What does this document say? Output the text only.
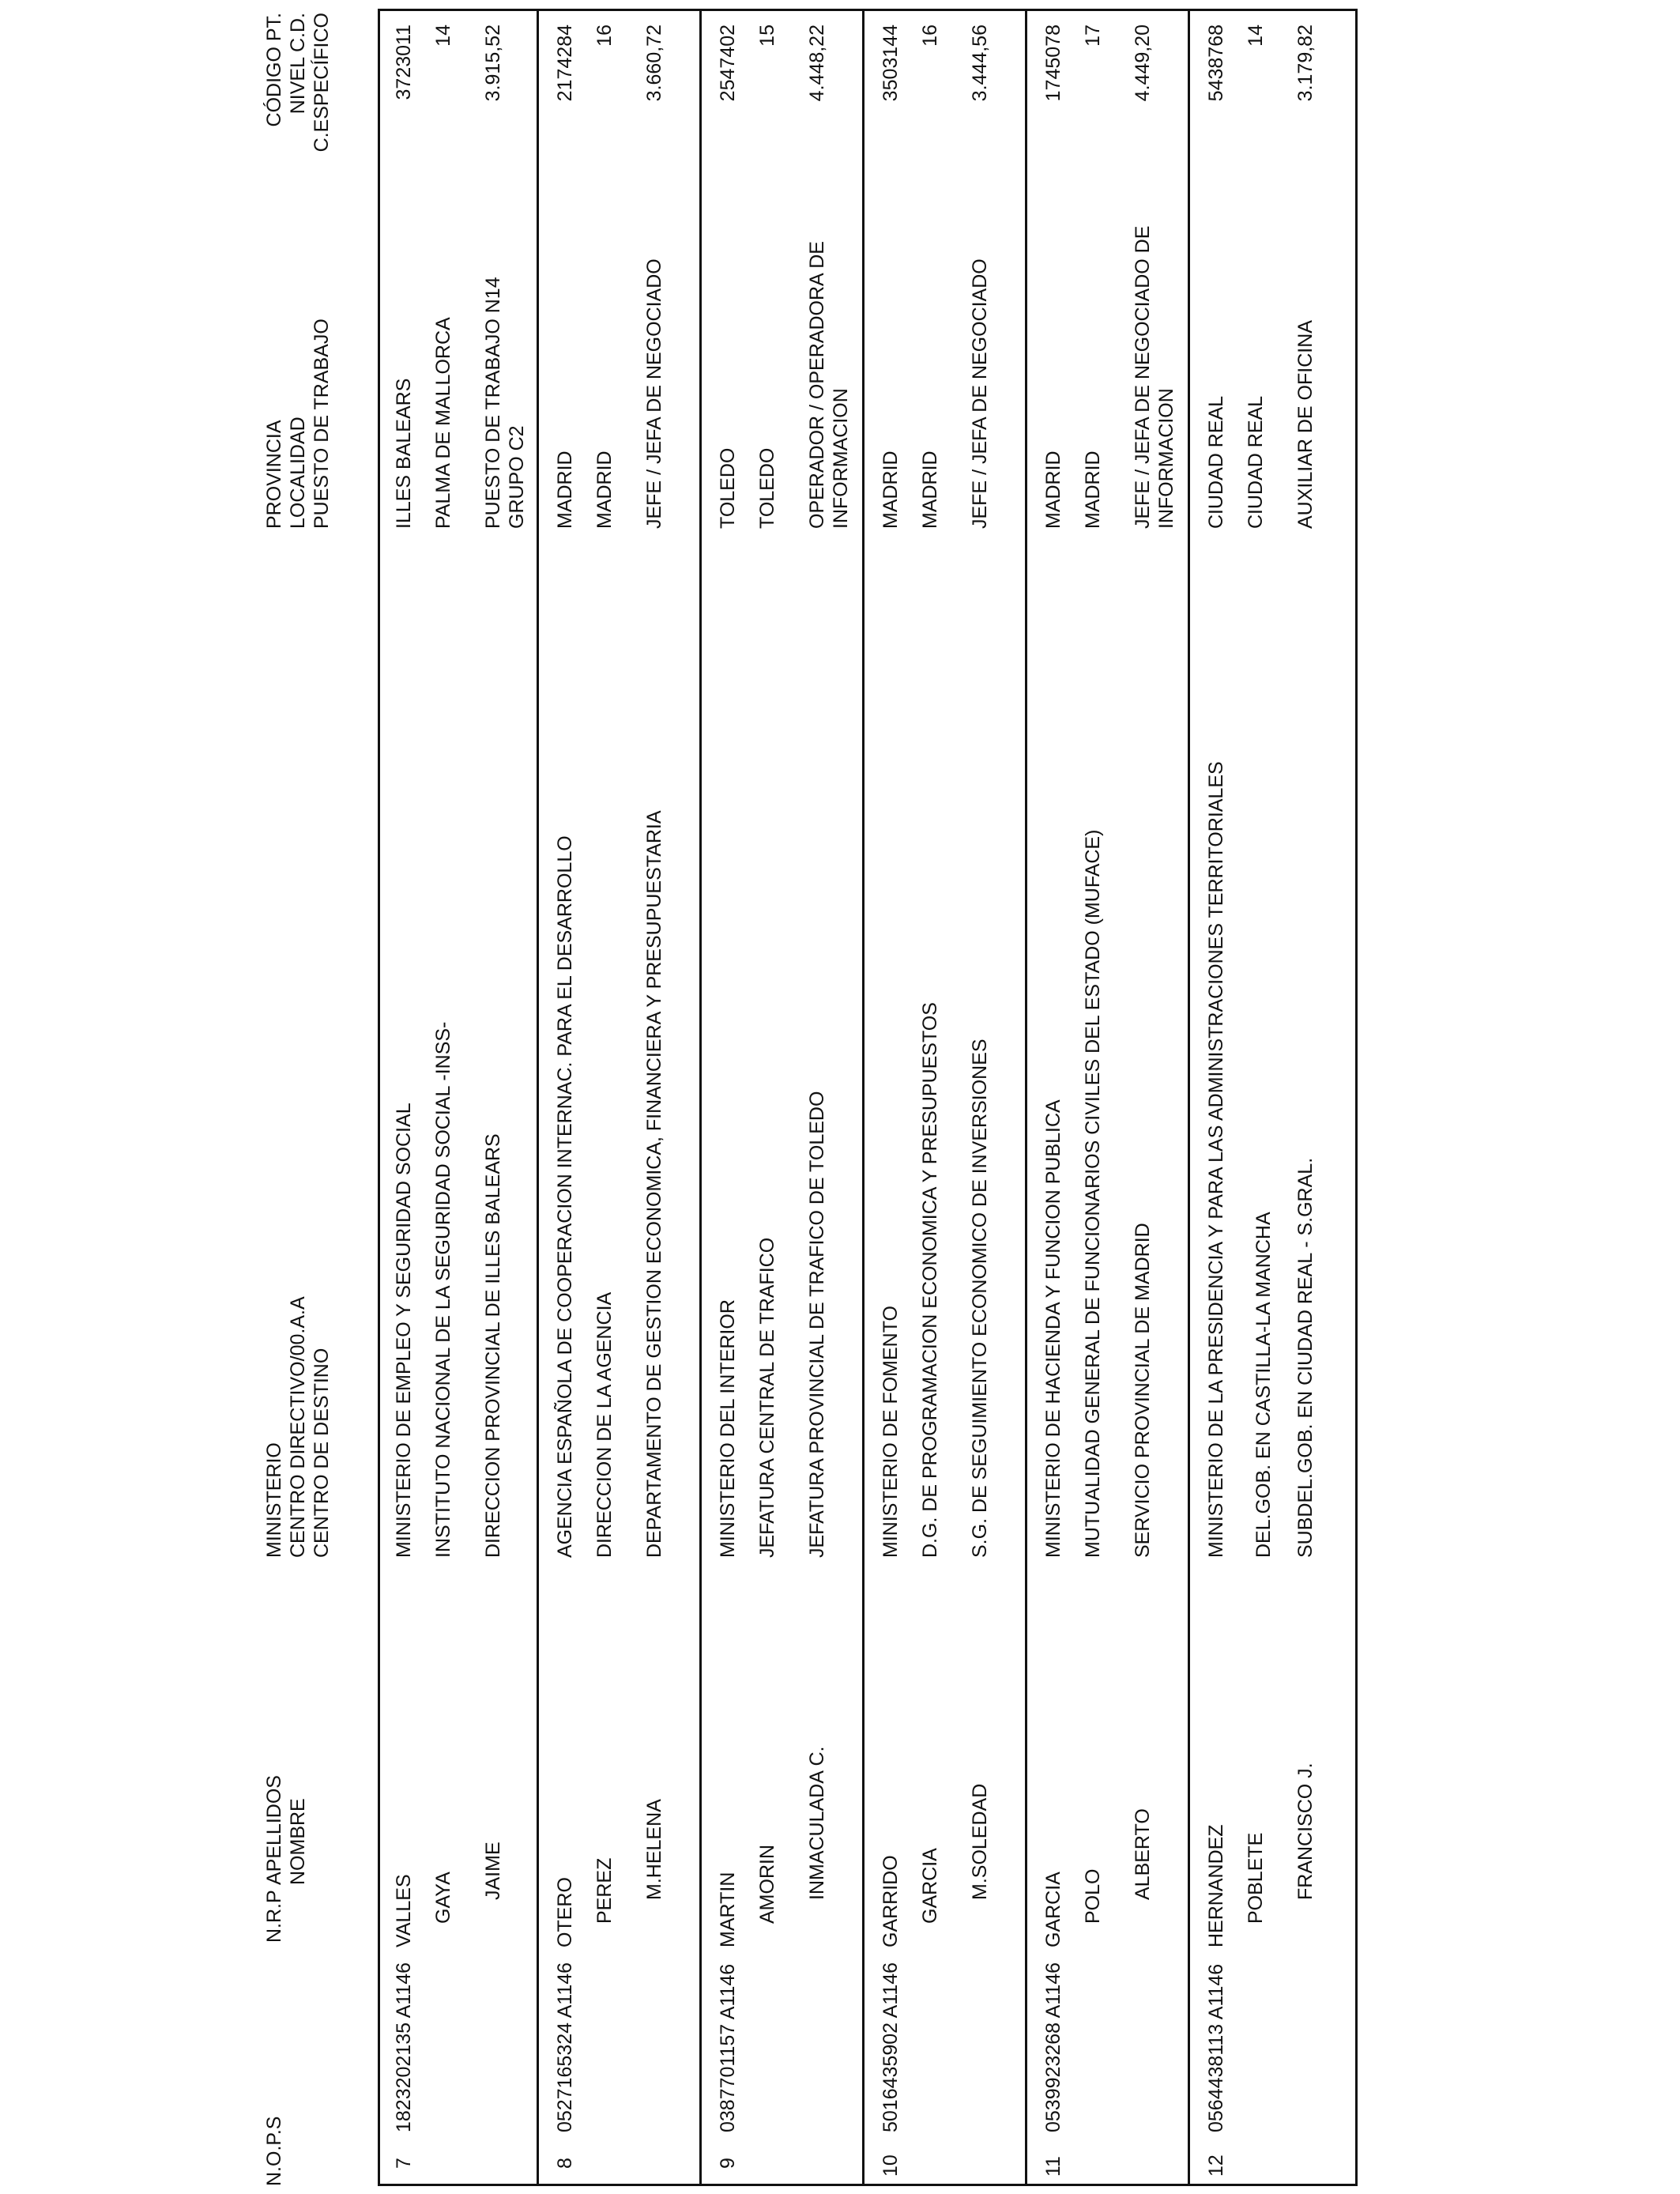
N.O.P.S
N.R.P
APELLIDOS NOMBRE
MINISTERIO CENTRO DIRECTIVO/00.A.A CENTRO DE DESTINO
PROVINCIA LOCALIDAD PUESTO DE TRABAJO
CÓDIGO PT. NIVEL C.D. C.ESPECÍFICO
7
1823202135 A1146
VALLES GAYA JAIME
MINISTERIO DE EMPLEO Y SEGURIDAD SOCIAL INSTITUTO NACIONAL DE LA SEGURIDAD SOCIAL -INSS- DIRECCION PROVINCIAL DE ILLES BALEARS
ILLES BALEARS PALMA DE MALLORCA PUESTO DE TRABAJO N14 GRUPO C2
3723011 14 3.915,52
8
0527165324 A1146
OTERO PEREZ M.HELENA
AGENCIA ESPAÑOLA DE COOPERACION INTERNAC. PARA EL DESARROLLO DIRECCION DE LA AGENCIA DEPARTAMENTO DE GESTION ECONOMICA, FINANCIERA Y PRESUPUESTARIA
MADRID MADRID JEFE / JEFA DE NEGOCIADO
2174284 16 3.660,72
9
0387701157 A1146
MARTIN AMORIN INMACULADA C.
MINISTERIO DEL INTERIOR JEFATURA CENTRAL DE TRAFICO JEFATURA PROVINCIAL DE TRAFICO DE TOLEDO
TOLEDO TOLEDO OPERADOR / OPERADORA DE INFORMACION
2547402 15 4.448,22
10
5016435902 A1146
GARRIDO GARCIA M.SOLEDAD
MINISTERIO DE FOMENTO D.G. DE PROGRAMACION ECONOMICA Y PRESUPUESTOS S.G. DE SEGUIMIENTO ECONOMICO DE INVERSIONES
MADRID MADRID JEFE / JEFA DE NEGOCIADO
3503144 16 3.444,56
11
0539923268 A1146
GARCIA POLO ALBERTO
MINISTERIO DE HACIENDA Y FUNCION PUBLICA MUTUALIDAD GENERAL DE FUNCIONARIOS CIVILES DEL ESTADO (MUFACE) SERVICIO PROVINCIAL DE MADRID
MADRID MADRID JEFE / JEFA DE NEGOCIADO DE INFORMACION
1745078 17 4.449,20
12
0564438113 A1146
HERNANDEZ POBLETE FRANCISCO J.
MINISTERIO DE LA PRESIDENCIA Y PARA LAS ADMINISTRACIONES TERRITORIALES DEL.GOB. EN CASTILLA-LA MANCHA SUBDEL.GOB. EN CIUDAD REAL - S.GRAL.
CIUDAD REAL CIUDAD REAL AUXILIAR DE OFICINA
5438768 14 3.179,82
